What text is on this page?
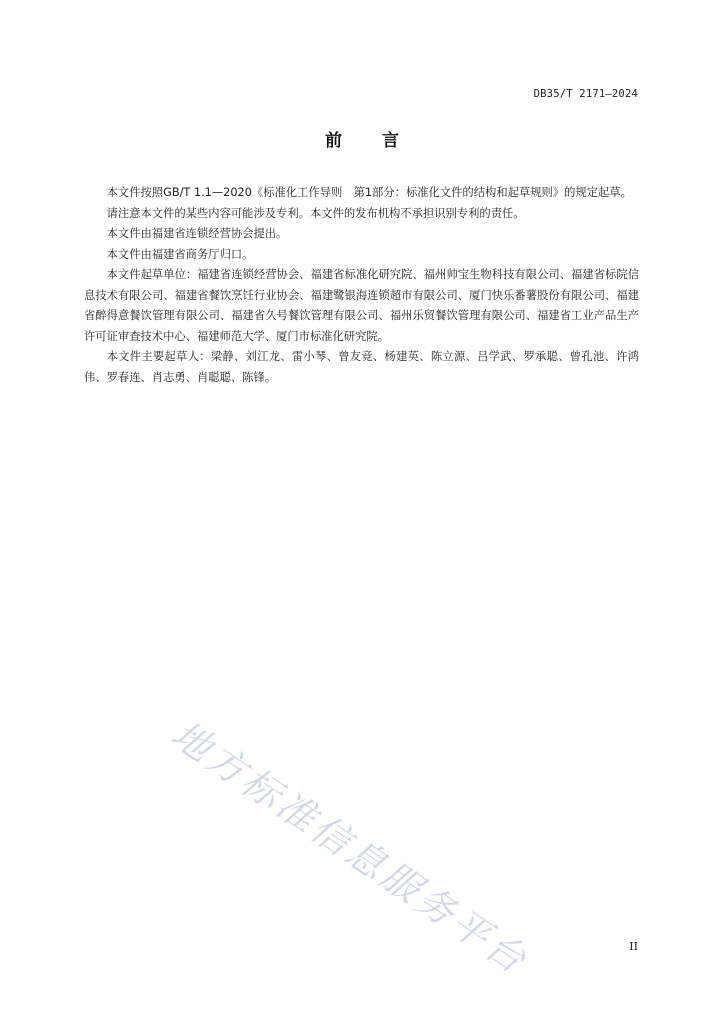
DB35/T 2171—2024
前言

本文件按照GB/T 1.1—2020《标准化工作导则　第1部分：标准化文件的结构和起草规则》的规定起草。

请注意本文件的某些内容可能涉及专利。本文件的发布机构不承担识别专利的责任。

本文件由福建省连锁经营协会提出。

本文件由福建省商务厅归口。

本文件起草单位：福建省连锁经营协会、福建省标准化研究院、福州帅宝生物科技有限公司、福建省标院信息技术有限公司、福建省餐饮烹饪行业协会、福建鹭银海连锁超市有限公司、厦门快乐番薯股份有限公司、福建省醉得意餐饮管理有限公司、福建省久号餐饮管理有限公司、福州乐贸餐饮管理有限公司、福建省工业产品生产许可证审查技术中心、福建师范大学、厦门市标准化研究院。

本文件主要起草人：梁静、刘江龙、雷小琴、曾友竞、杨建英、陈立源、吕学武、罗承聪、曾孔池、许鸿伟、罗春连、肖志勇、肖聪聪、陈锋。

地方标准信息服务平台	II
